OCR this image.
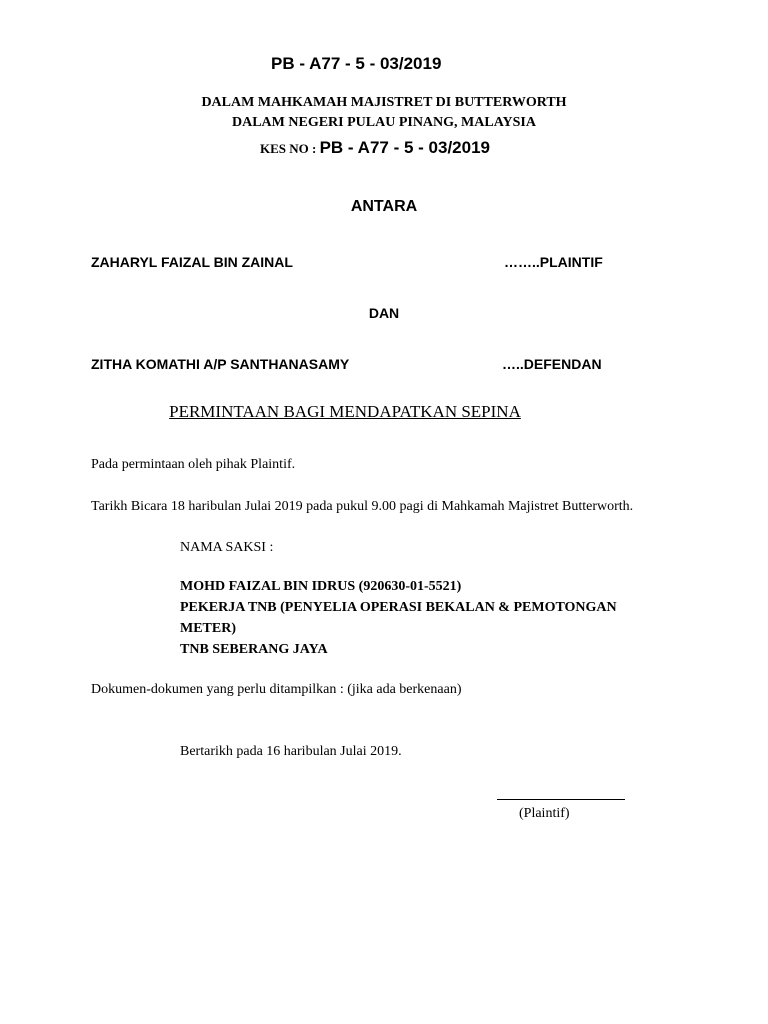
PB - A77 - 5 - 03/2019
DALAM MAHKAMAH MAJISTRET DI BUTTERWORTH
DALAM NEGERI PULAU PINANG, MALAYSIA
KES NO : PB - A77 - 5 - 03/2019
ANTARA
ZAHARYL FAIZAL BIN ZAINAL	……..PLAINTIF
DAN
ZITHA KOMATHI A/P SANTHANASAMY	…..DEFENDAN
PERMINTAAN BAGI MENDAPATKAN SEPINA
Pada permintaan oleh pihak Plaintif.
Tarikh Bicara 18 haribulan Julai 2019 pada pukul 9.00 pagi di Mahkamah Majistret Butterworth.
NAMA SAKSI :
MOHD FAIZAL BIN IDRUS (920630-01-5521)
PEKERJA TNB (PENYELIA OPERASI BEKALAN & PEMOTONGAN
METER)
TNB SEBERANG JAYA
Dokumen-dokumen yang perlu ditampilkan : (jika ada berkenaan)
Bertarikh pada 16 haribulan Julai 2019.
(Plaintif)
